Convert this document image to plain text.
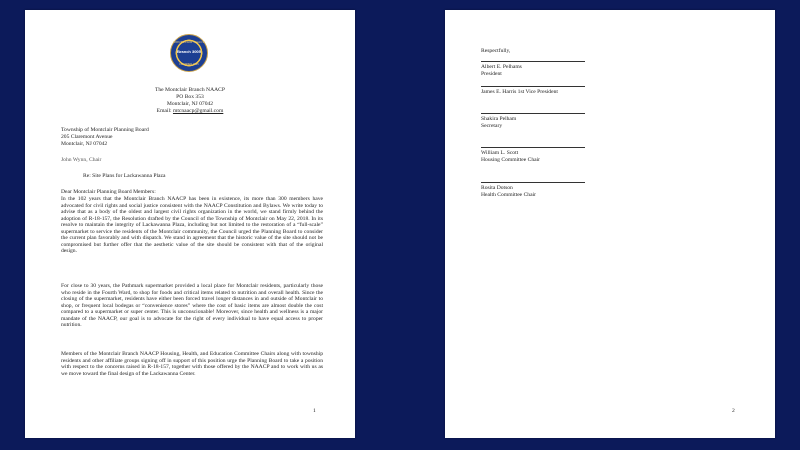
MONTCLAIR NAACP
Branch 3005
FOUNDED 1915
The Montclair Branch NAACP
PO Box 353
Montclair, NJ 07042
Email: mtcnaacp@gmail.com
Township of Montclair Planning Board
205 Claremont Avenue
Montclair, NJ 07042
John Wynn, Chair
Re: Site Plans for Lackawanna Plaza
Dear Montclair Planning Board Members:
In the 102 years that the Montclair Branch NAACP has been in existence, its more than 300 members have advocated for civil rights and social justice consistent with the NAACP Constitution and Bylaws. We write today to advise that as a body of the oldest and largest civil rights organization in the world, we stand firmly behind the adoption of R-18-157, the Resolution drafted by the Council of the Township of Montclair on May 22, 2018. In its resolve to maintain the integrity of Lackawanna Plaza, including but not limited to the restoration of a “full-scale” supermarket to service the residents of the Montclair community, the Council urged the Planning Board to consider the current plan favorably and with dispatch. We stand in agreement that the historic value of the site should not be compromised but further offer that the aesthetic value of the site should be consistent with that of the original design.
For close to 30 years, the Pathmark supermarket provided a local place for Montclair residents, particularly those who reside in the Fourth Ward, to shop for foods and critical items related to nutrition and overall health. Since the closing of the supermarket, residents have either been forced travel longer distances in and outside of Montclair to shop, or frequent local bodegas or “convenience stores” where the cost of basic items are almost double the cost compared to a supermarket or super center. This is unconscionable! Moreover, since health and wellness is a major mandate of the NAACP, our goal is to advocate for the right of every individual to have equal access to proper nutrition.
Members of the Montclair Branch NAACP Housing, Health, and Education Committee Chairs along with township residents and other affiliate groups signing off in support of this position urge the Planning Board to take a position with respect to the concerns raised in R-18-157, together with those offered by the NAACP and to work with us as we move toward the final design of the Lackawanna Center.
1
Respectfully,
Albert E. Pelhams
President
James E. Harris 1st Vice President
Shakira Pelham
Secretary
William L. Scott
Housing Committee Chair
Rosita Dotson
Health Committee Chair
2
